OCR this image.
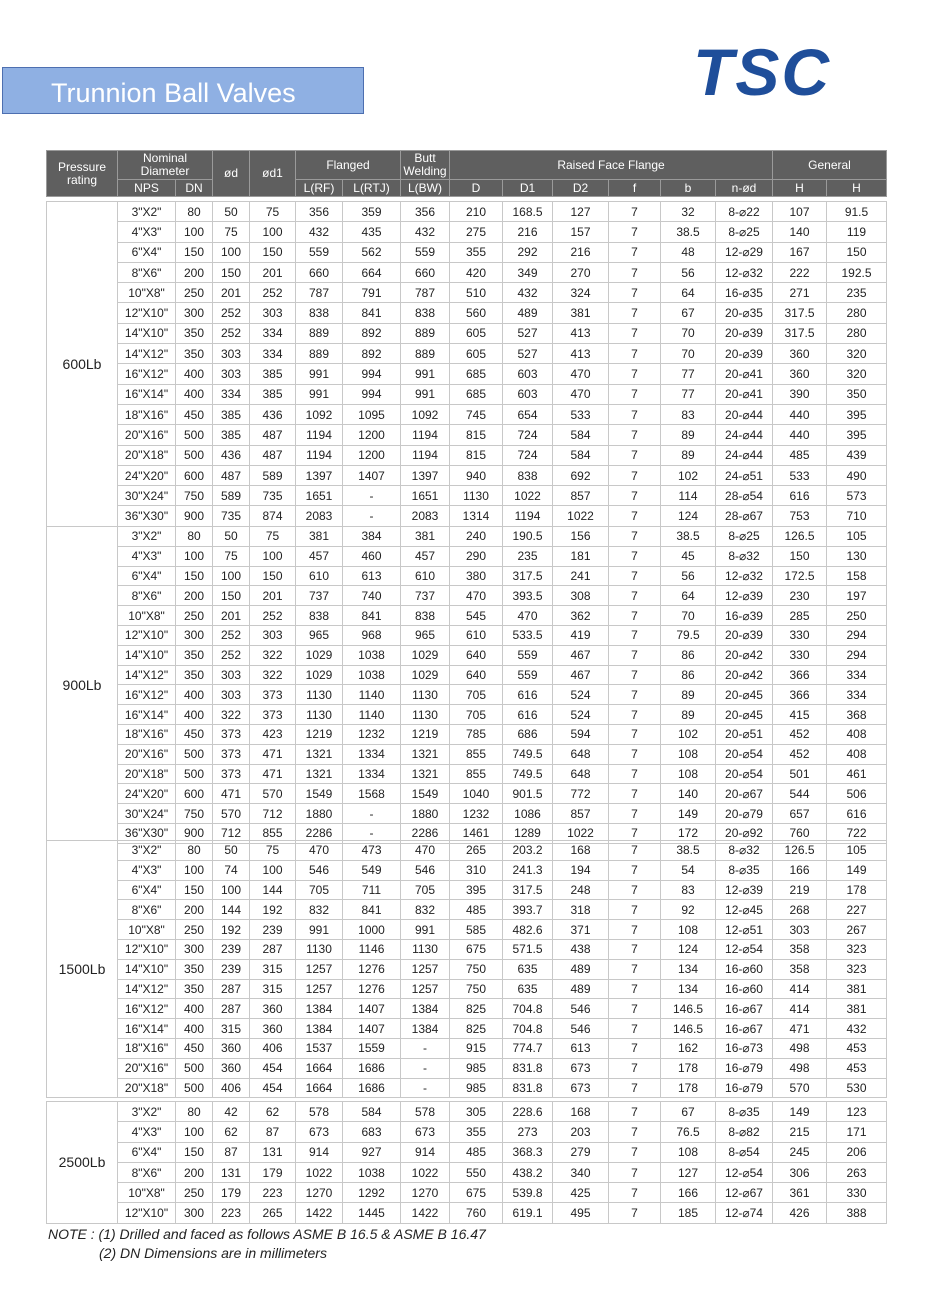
Trunnion Ball Valves	TSC
Pressure rating	Nominal Diameter		ød	ød1	Flanged		Butt Welding	Raised Face Flange						General	
	NPS	DN			L(RF)	L(RTJ)	L(BW)	D	D1	D2	f	b	n-ød	H	H
600Lb	3"X2"	80	50	75	356	359	356	210	168.5	127	7	32	8-⌀22	107	91.5
	4"X3"	100	75	100	432	435	432	275	216	157	7	38.5	8-⌀25	140	119
	6"X4"	150	100	150	559	562	559	355	292	216	7	48	12-⌀29	167	150
	8"X6"	200	150	201	660	664	660	420	349	270	7	56	12-⌀32	222	192.5
	10"X8"	250	201	252	787	791	787	510	432	324	7	64	16-⌀35	271	235
	12"X10"	300	252	303	838	841	838	560	489	381	7	67	20-⌀35	317.5	280
	14"X10"	350	252	334	889	892	889	605	527	413	7	70	20-⌀39	317.5	280
	14"X12"	350	303	334	889	892	889	605	527	413	7	70	20-⌀39	360	320
	16"X12"	400	303	385	991	994	991	685	603	470	7	77	20-⌀41	360	320
	16"X14"	400	334	385	991	994	991	685	603	470	7	77	20-⌀41	390	350
	18"X16"	450	385	436	1092	1095	1092	745	654	533	7	83	20-⌀44	440	395
	20"X16"	500	385	487	1194	1200	1194	815	724	584	7	89	24-⌀44	440	395
	20"X18"	500	436	487	1194	1200	1194	815	724	584	7	89	24-⌀44	485	439
	24"X20"	600	487	589	1397	1407	1397	940	838	692	7	102	24-⌀51	533	490
	30"X24"	750	589	735	1651	-	1651	1130	1022	857	7	114	28-⌀54	616	573
	36"X30"	900	735	874	2083	-	2083	1314	1194	1022	7	124	28-⌀67	753	710
900Lb	3"X2"	80	50	75	381	384	381	240	190.5	156	7	38.5	8-⌀25	126.5	105
	4"X3"	100	75	100	457	460	457	290	235	181	7	45	8-⌀32	150	130
	6"X4"	150	100	150	610	613	610	380	317.5	241	7	56	12-⌀32	172.5	158
	8"X6"	200	150	201	737	740	737	470	393.5	308	7	64	12-⌀39	230	197
	10"X8"	250	201	252	838	841	838	545	470	362	7	70	16-⌀39	285	250
	12"X10"	300	252	303	965	968	965	610	533.5	419	7	79.5	20-⌀39	330	294
	14"X10"	350	252	322	1029	1038	1029	640	559	467	7	86	20-⌀42	330	294
	14"X12"	350	303	322	1029	1038	1029	640	559	467	7	86	20-⌀42	366	334
	16"X12"	400	303	373	1130	1140	1130	705	616	524	7	89	20-⌀45	366	334
	16"X14"	400	322	373	1130	1140	1130	705	616	524	7	89	20-⌀45	415	368
	18"X16"	450	373	423	1219	1232	1219	785	686	594	7	102	20-⌀51	452	408
	20"X16"	500	373	471	1321	1334	1321	855	749.5	648	7	108	20-⌀54	452	408
	20"X18"	500	373	471	1321	1334	1321	855	749.5	648	7	108	20-⌀54	501	461
	24"X20"	600	471	570	1549	1568	1549	1040	901.5	772	7	140	20-⌀67	544	506
	30"X24"	750	570	712	1880	-	1880	1232	1086	857	7	149	20-⌀79	657	616
	36"X30"	900	712	855	2286	-	2286	1461	1289	1022	7	172	20-⌀92	760	722
1500Lb	3"X2"	80	50	75	470	473	470	265	203.2	168	7	38.5	8-⌀32	126.5	105
	4"X3"	100	74	100	546	549	546	310	241.3	194	7	54	8-⌀35	166	149
	6"X4"	150	100	144	705	711	705	395	317.5	248	7	83	12-⌀39	219	178
	8"X6"	200	144	192	832	841	832	485	393.7	318	7	92	12-⌀45	268	227
	10"X8"	250	192	239	991	1000	991	585	482.6	371	7	108	12-⌀51	303	267
	12"X10"	300	239	287	1130	1146	1130	675	571.5	438	7	124	12-⌀54	358	323
	14"X10"	350	239	315	1257	1276	1257	750	635	489	7	134	16-⌀60	358	323
	14"X12"	350	287	315	1257	1276	1257	750	635	489	7	134	16-⌀60	414	381
	16"X12"	400	287	360	1384	1407	1384	825	704.8	546	7	146.5	16-⌀67	414	381
	16"X14"	400	315	360	1384	1407	1384	825	704.8	546	7	146.5	16-⌀67	471	432
	18"X16"	450	360	406	1537	1559	-	915	774.7	613	7	162	16-⌀73	498	453
	20"X16"	500	360	454	1664	1686	-	985	831.8	673	7	178	16-⌀79	498	453
	20"X18"	500	406	454	1664	1686	-	985	831.8	673	7	178	16-⌀79	570	530
2500Lb	3"X2"	80	42	62	578	584	578	305	228.6	168	7	67	8-⌀35	149	123
	4"X3"	100	62	87	673	683	673	355	273	203	7	76.5	8-⌀82	215	171
	6"X4"	150	87	131	914	927	914	485	368.3	279	7	108	8-⌀54	245	206
	8"X6"	200	131	179	1022	1038	1022	550	438.2	340	7	127	12-⌀54	306	263
	10"X8"	250	179	223	1270	1292	1270	675	539.8	425	7	166	12-⌀67	361	330
	12"X10"	300	223	265	1422	1445	1422	760	619.1	495	7	185	12-⌀74	426	388
NOTE : (1) Drilled and faced as follows ASME B 16.5 & ASME B 16.47
(2) DN Dimensions are in millimeters
